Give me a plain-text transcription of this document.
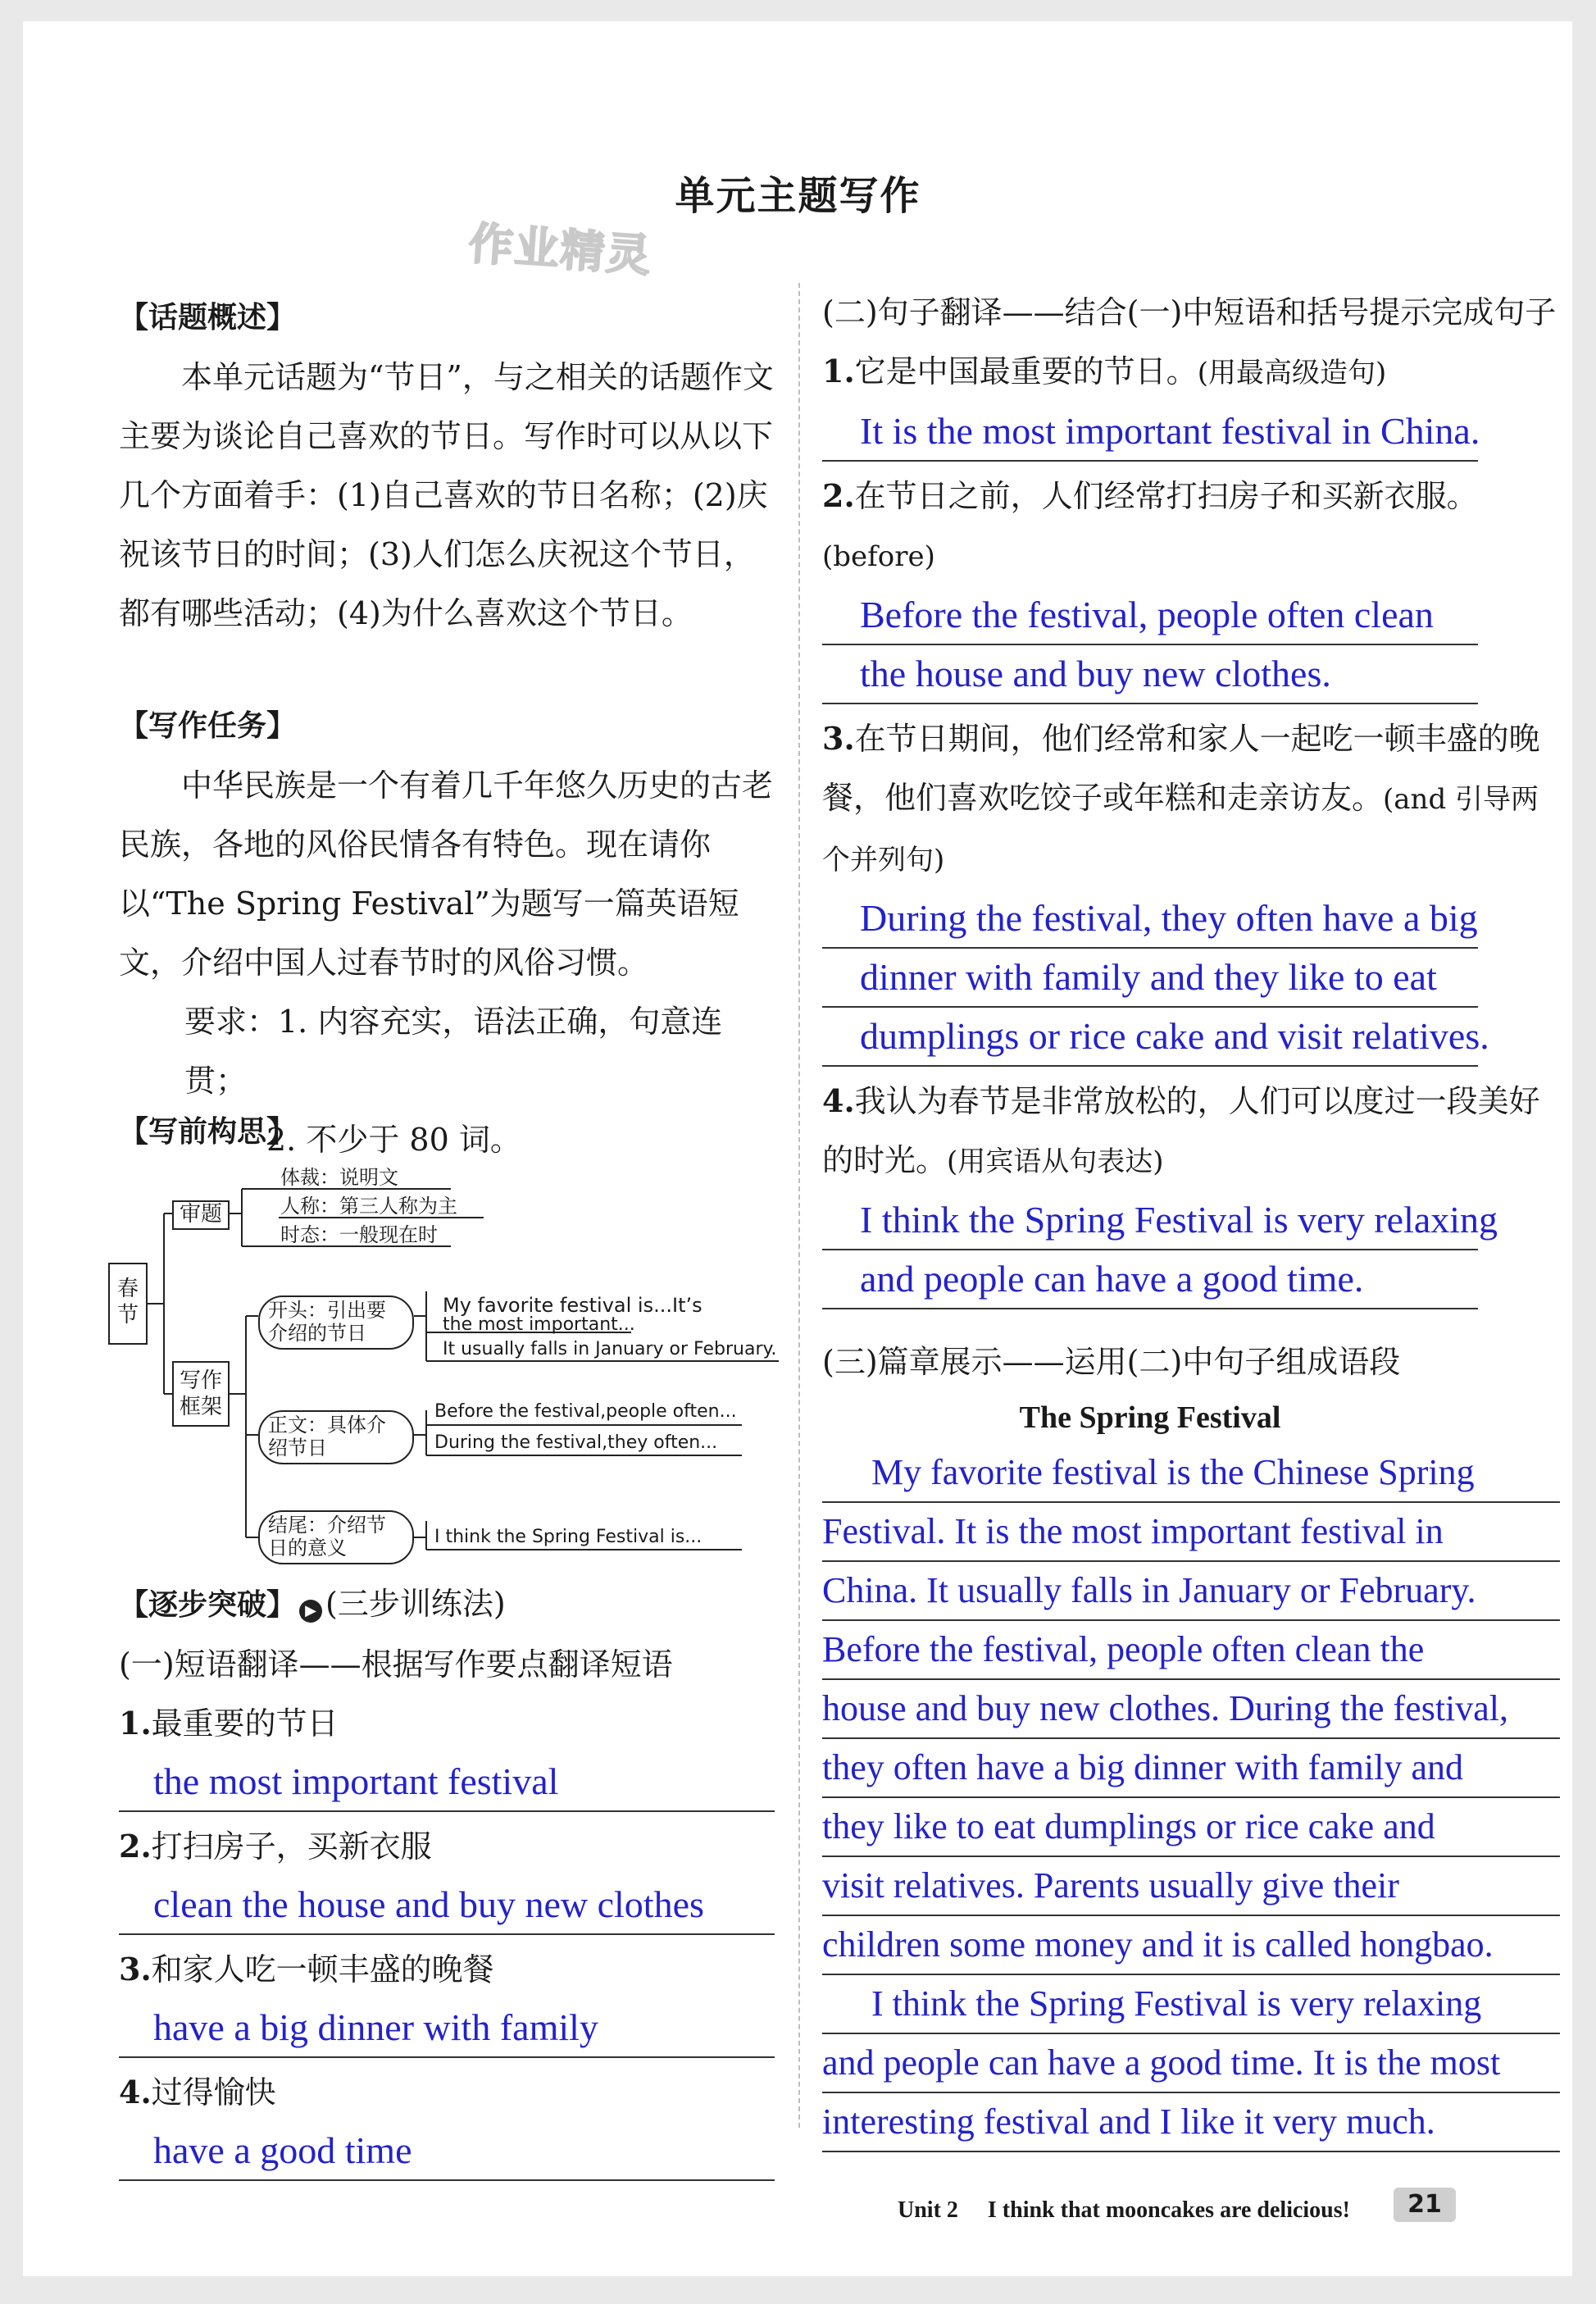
单元主题写作
作业精灵
【话题概述】
本单元话题为“节日”，与之相关的话题作文主要为谈论自己喜欢的节日。写作时可以从以下几个方面着手：(1)自己喜欢的节日名称；(2)庆祝该节日的时间；(3)人们怎么庆祝这个节日，都有哪些活动；(4)为什么喜欢这个节日。
【写作任务】
中华民族是一个有着几千年悠久历史的古老民族，各地的风俗民情各有特色。现在请你以“The Spring Festival”为题写一篇英语短文，介绍中国人过春节时的风俗习惯。
要求：1. 内容充实，语法正确，句意连贯；
2. 不少于 80 词。
【写前构思】
春节
审题
体裁：说明文
人称：第三人称为主
时态：一般现在时
写作框架
开头：引出要介绍的节日
My favorite festival is...It’s
the most important...
It usually falls in January or February.
正文：具体介绍节日
Before the festival,people often...
During the festival,they often...
结尾：介绍节日的意义	I think the Spring Festival is...
【逐步突破】 ▶ (三步训练法)
(一)短语翻译——根据写作要点翻译短语
1.最重要的节日
the most important festival
2.打扫房子，买新衣服
clean the house and buy new clothes
3.和家人吃一顿丰盛的晚餐
have a big dinner with family
4.过得愉快
have a good time
(二)句子翻译——结合(一)中短语和括号提示完成句子
1.它是中国最重要的节日。(用最高级造句)
It is the most important festival in China.
2.在节日之前，人们经常打扫房子和买新衣服。(before)
Before the festival, people often clean
the house and buy new clothes.
3.在节日期间，他们经常和家人一起吃一顿丰盛的晚餐，他们喜欢吃饺子或年糕和走亲访友。(and 引导两个并列句)
During the festival, they often have a big
dinner with family and they like to eat
dumplings or rice cake and visit relatives.
4.我认为春节是非常放松的，人们可以度过一段美好的时光。(用宾语从句表达)
I think the Spring Festival is very relaxing
and people can have a good time.
(三)篇章展示——运用(二)中句子组成语段
The Spring Festival
My favorite festival is the Chinese Spring
Festival. It is the most important festival in
China. It usually falls in January or February.
Before the festival, people often clean the
house and buy new clothes. During the festival,
they often have a big dinner with family and
they like to eat dumplings or rice cake and
visit relatives. Parents usually give their
children some money and it is called hongbao.
I think the Spring Festival is very relaxing
and people can have a good time. It is the most
interesting festival and I like it very much.
Unit 2 I think that mooncakes are delicious!	21
